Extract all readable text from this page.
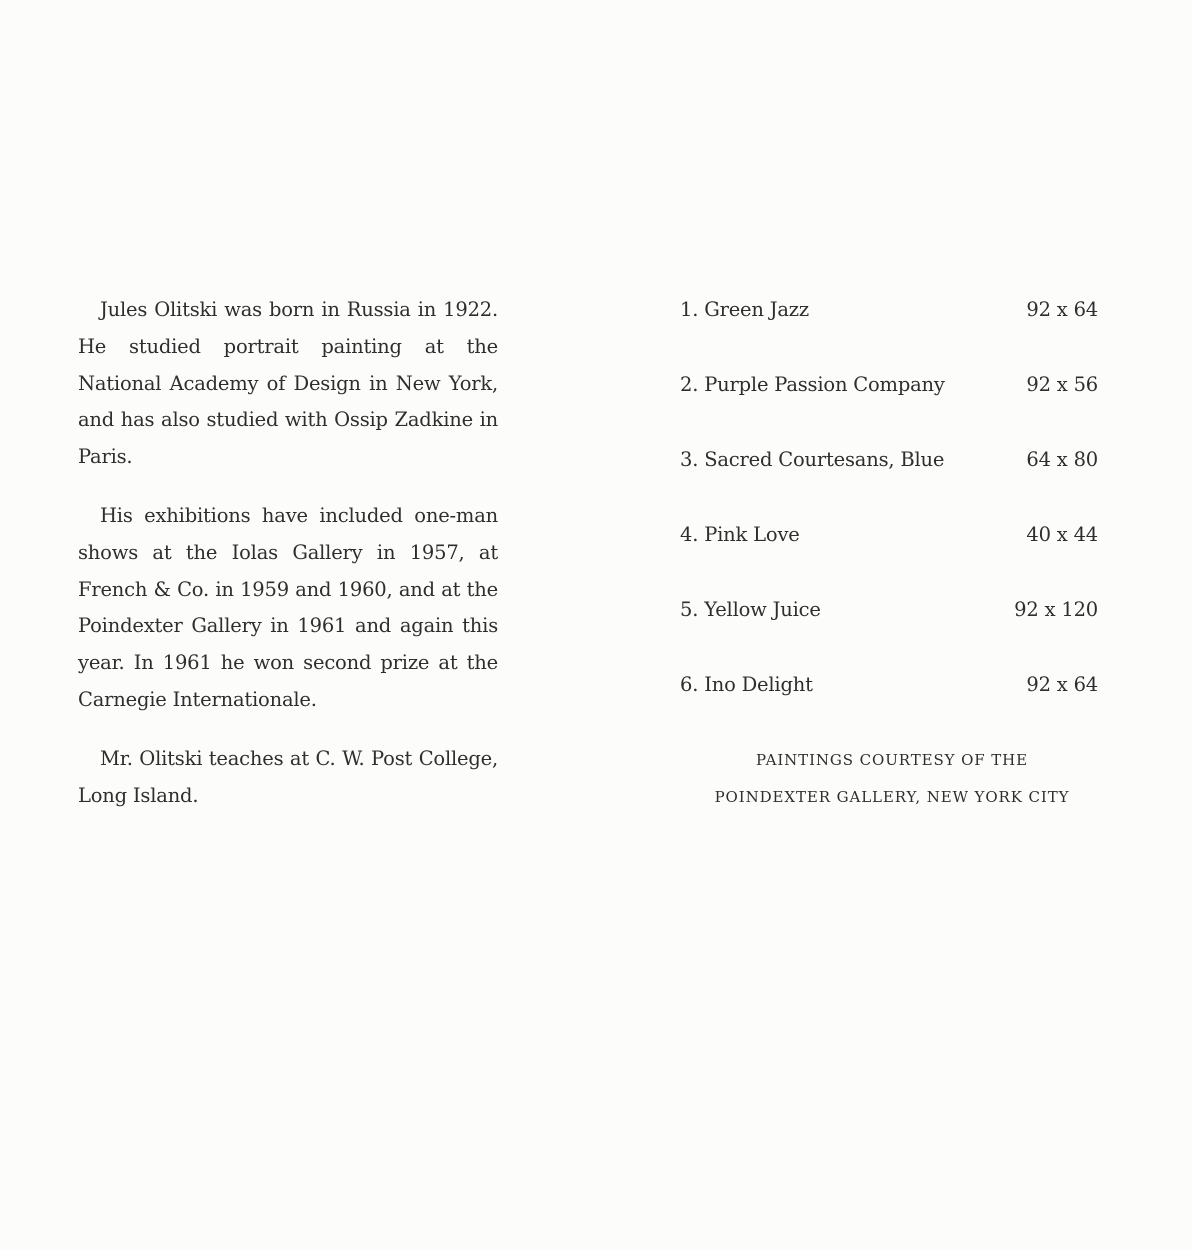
Jules Olitski was born in Russia in 1922. He studied portrait painting at the National Academy of Design in New York, and has also studied with Ossip Zadkine in Paris.

His exhibitions have included one-man shows at the Iolas Gallery in 1957, at French & Co. in 1959 and 1960, and at the Poindexter Gallery in 1961 and again this year. In 1961 he won second prize at the Carnegie Internationale.

Mr. Olitski teaches at C. W. Post College, Long Island.

1. Green Jazz	92 x 64
2. Purple Passion Company	92 x 56
3. Sacred Courtesans, Blue	64 x 80
4. Pink Love	40 x 44
5. Yellow Juice	92 x 120
6. Ino Delight	92 x 64
PAINTINGS COURTESY OF THE
POINDEXTER GALLERY, NEW YORK CITY
